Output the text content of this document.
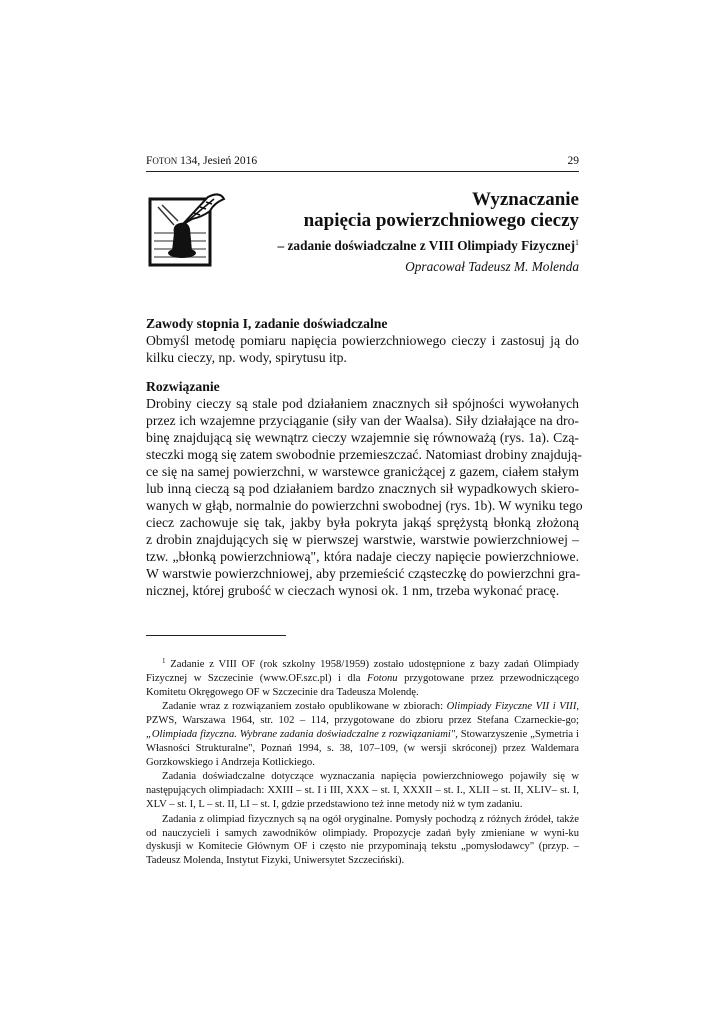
FOTON 134, Jesień 2016	29
Wyznaczanie
napięcia powierzchniowego cieczy
– zadanie doświadczalne z VIII Olimpiady Fizycznej$^1$
Opracował Tadeusz M. Molenda
Zawody stopnia I, zadanie doświadczalne
Obmyśl metodę pomiaru napięcia powierzchniowego cieczy i zastosuj ją do
kilku cieczy, np. wody, spirytusu itp.
Rozwiązanie
Drobiny cieczy są stale pod działaniem znacznych sił spójności wywołanych
przez ich wzajemne przyciąganie (siły van der Waalsa). Siły działające na dro-
binę znajdującą się wewnątrz cieczy wzajemnie się równoważą (rys. 1a). Czą-
steczki mogą się zatem swobodnie przemieszczać. Natomiast drobiny znajdują-
ce się na samej powierzchni, w warstewce granicżącej z gazem, ciałem stałym
lub inną cieczą są pod działaniem bardzo znacznych sił wypadkowych skiero-
wanych w głąb, normalnie do powierzchni swobodnej (rys. 1b). W wyniku tego
ciecz zachowuje się tak, jakby była pokryta jakąś sprężystą błonką złożoną
z drobin znajdujących się w pierwszej warstwie, warstwie powierzchniowej –
tzw. „błonką powierzchniową", która nadaje cieczy napięcie powierzchniowe.
W warstwie powierzchniowej, aby przemieścić cząsteczkę do powierzchni gra-
nicznej, której grubość w cieczach wynosi ok. 1 nm, trzeba wykonać pracę.

$^1$ Zadanie z VIII OF (rok szkolny 1958/1959) zostało udostępnione z bazy zadań Olimpiady Fizycznej w Szczecinie (www.OF.szc.pl) i dla Fotonu przygotowane przez przewodniczącego Komitetu Okręgowego OF w Szczecinie dra Tadeusza Molendę.

Zadanie wraz z rozwiązaniem zostało opublikowane w zbiorach: Olimpiady Fizyczne VII i VIII, PZWS, Warszawa 1964, str. 102 – 114, przygotowane do zbioru przez Stefana Czarneckie-go; „Olimpiada fizyczna. Wybrane zadania doświadczalne z rozwiązaniami", Stowarzyszenie „Symetria i Własności Strukturalne", Poznań 1994, s. 38, 107–109, (w wersji skróconej) przez Waldemara Gorzkowskiego i Andrzeja Kotlickiego.

Zadania doświadczalne dotyczące wyznaczania napięcia powierzchniowego pojawiły się w następujących olimpiadach: XXIII – st. I i III, XXX – st. I, XXXII – st. I., XLII – st. II, XLIV– st. I, XLV – st. I, L – st. II, LI – st. I, gdzie przedstawiono też inne metody niż w tym zadaniu.

Zadania z olimpiad fizycznych są na ogół oryginalne. Pomysły pochodzą z różnych źródeł, także od nauczycieli i samych zawodników olimpiady. Propozycje zadań były zmieniane w wyni-ku dyskusji w Komitecie Głównym OF i często nie przypominają tekstu „pomysłodawcy" (przyp. – Tadeusz Molenda, Instytut Fizyki, Uniwersytet Szczeciński).
